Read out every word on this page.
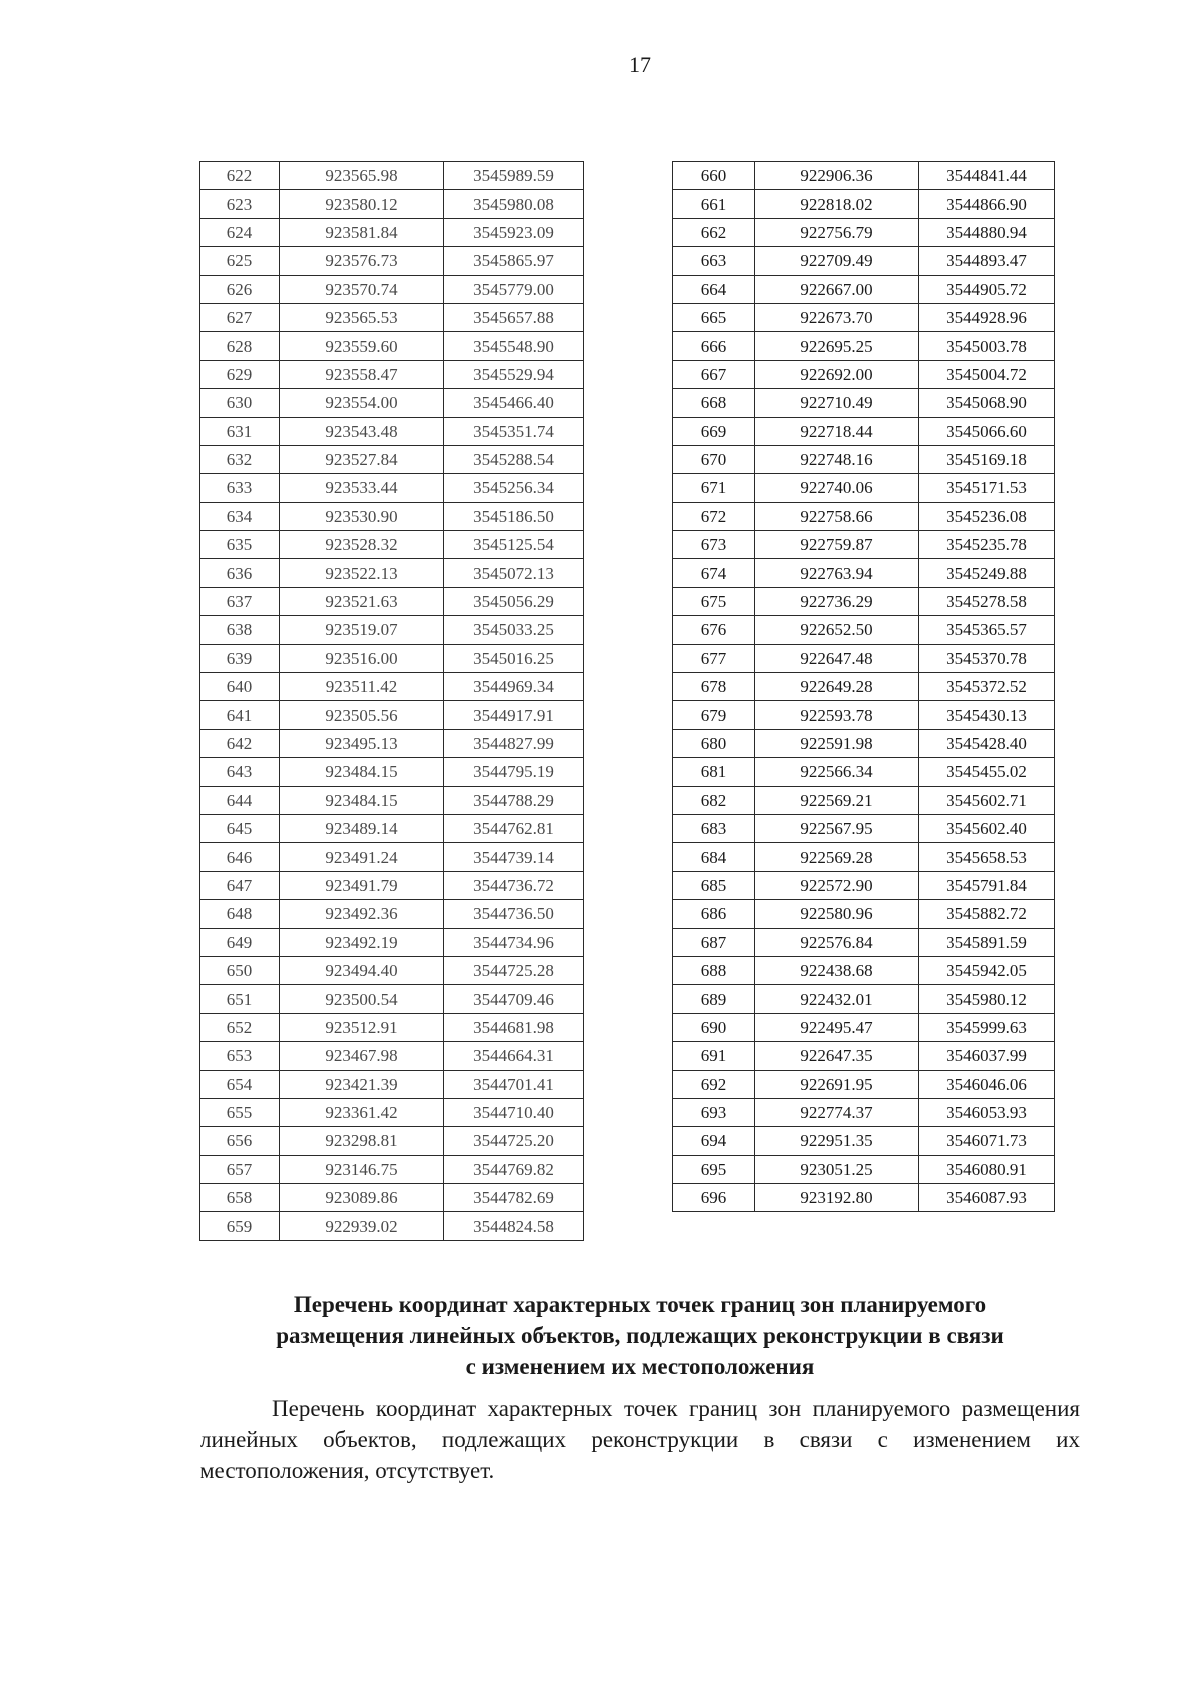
17
622	923565.98	3545989.59
623	923580.12	3545980.08
624	923581.84	3545923.09
625	923576.73	3545865.97
626	923570.74	3545779.00
627	923565.53	3545657.88
628	923559.60	3545548.90
629	923558.47	3545529.94
630	923554.00	3545466.40
631	923543.48	3545351.74
632	923527.84	3545288.54
633	923533.44	3545256.34
634	923530.90	3545186.50
635	923528.32	3545125.54
636	923522.13	3545072.13
637	923521.63	3545056.29
638	923519.07	3545033.25
639	923516.00	3545016.25
640	923511.42	3544969.34
641	923505.56	3544917.91
642	923495.13	3544827.99
643	923484.15	3544795.19
644	923484.15	3544788.29
645	923489.14	3544762.81
646	923491.24	3544739.14
647	923491.79	3544736.72
648	923492.36	3544736.50
649	923492.19	3544734.96
650	923494.40	3544725.28
651	923500.54	3544709.46
652	923512.91	3544681.98
653	923467.98	3544664.31
654	923421.39	3544701.41
655	923361.42	3544710.40
656	923298.81	3544725.20
657	923146.75	3544769.82
658	923089.86	3544782.69
659	922939.02	3544824.58
660	922906.36	3544841.44
661	922818.02	3544866.90
662	922756.79	3544880.94
663	922709.49	3544893.47
664	922667.00	3544905.72
665	922673.70	3544928.96
666	922695.25	3545003.78
667	922692.00	3545004.72
668	922710.49	3545068.90
669	922718.44	3545066.60
670	922748.16	3545169.18
671	922740.06	3545171.53
672	922758.66	3545236.08
673	922759.87	3545235.78
674	922763.94	3545249.88
675	922736.29	3545278.58
676	922652.50	3545365.57
677	922647.48	3545370.78
678	922649.28	3545372.52
679	922593.78	3545430.13
680	922591.98	3545428.40
681	922566.34	3545455.02
682	922569.21	3545602.71
683	922567.95	3545602.40
684	922569.28	3545658.53
685	922572.90	3545791.84
686	922580.96	3545882.72
687	922576.84	3545891.59
688	922438.68	3545942.05
689	922432.01	3545980.12
690	922495.47	3545999.63
691	922647.35	3546037.99
692	922691.95	3546046.06
693	922774.37	3546053.93
694	922951.35	3546071.73
695	923051.25	3546080.91
696	923192.80	3546087.93
Перечень координат характерных точек границ зон планируемого
размещения линейных объектов, подлежащих реконструкции в связи
с изменением их местоположения
Перечень координат характерных точек границ зон планируемого размещения линейных объектов, подлежащих реконструкции в связи с изменением их местоположения, отсутствует.
